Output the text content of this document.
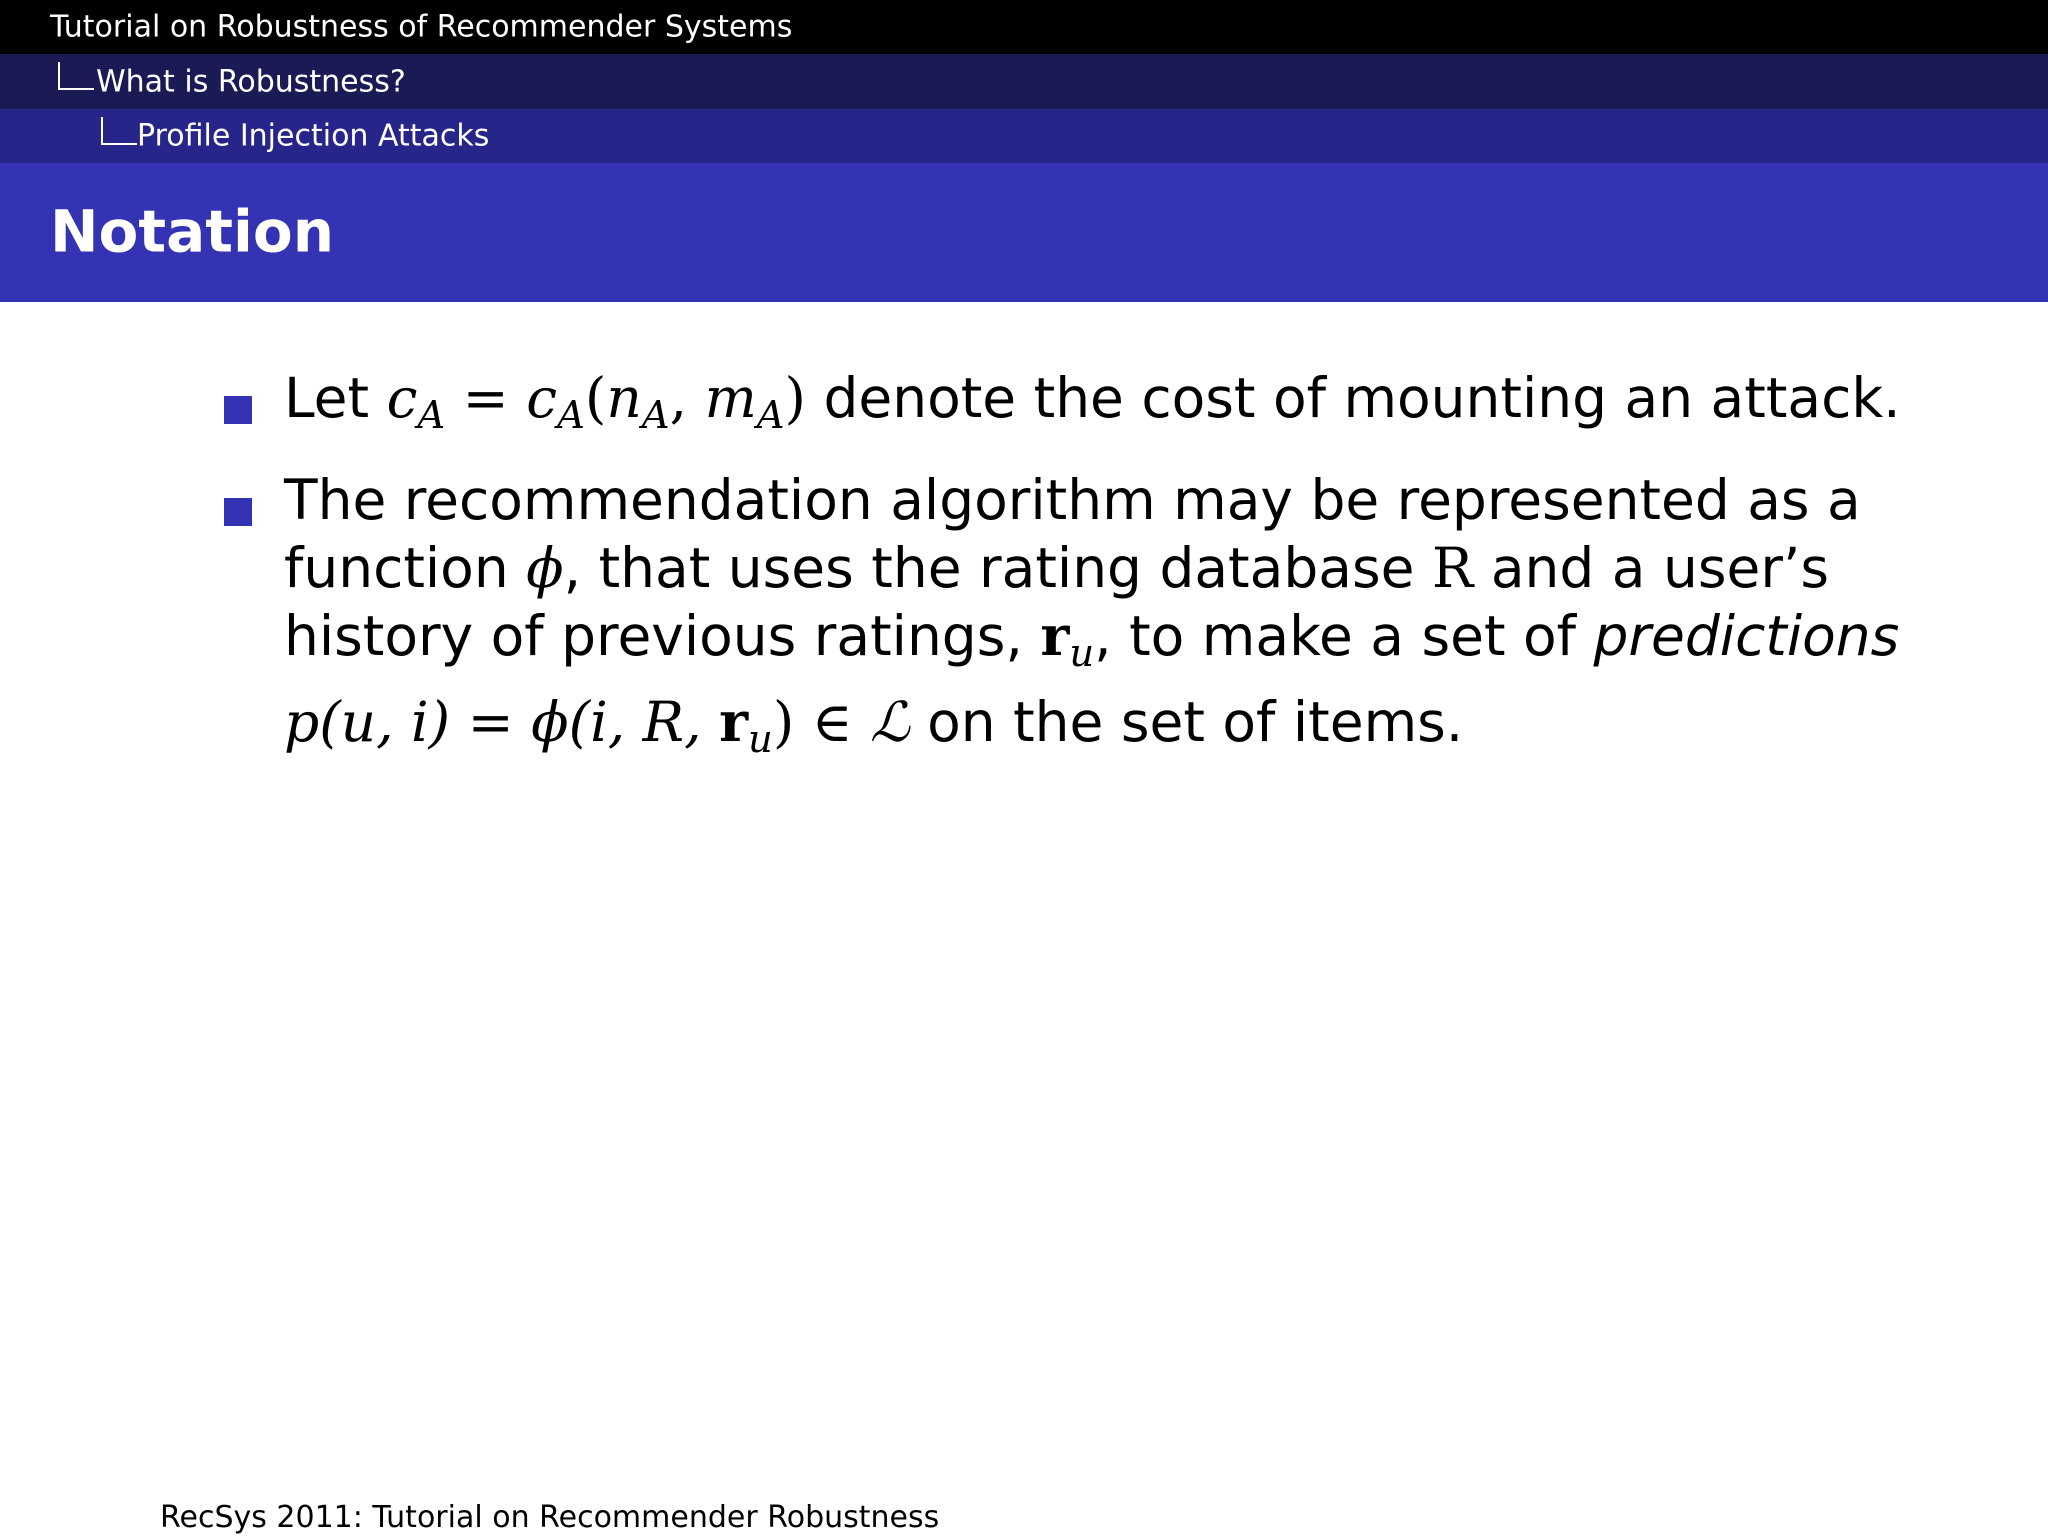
Tutorial on Robustness of Recommender Systems
What is Robustness?
Profile Injection Attacks
Notation
Let $c_A = c_A(n_A$, $m_A$) denote the cost of mounting an attack.
The recommendation algorithm may be represented as a function ϕ, that uses the rating database R and a user’s history of previous ratings, $r_u$, to make a set of predictions p(u, i) = ϕ(i, R, $r_u$) ∈ ℒ on the set of items.
RecSys 2011: Tutorial on Recommender Robustness
